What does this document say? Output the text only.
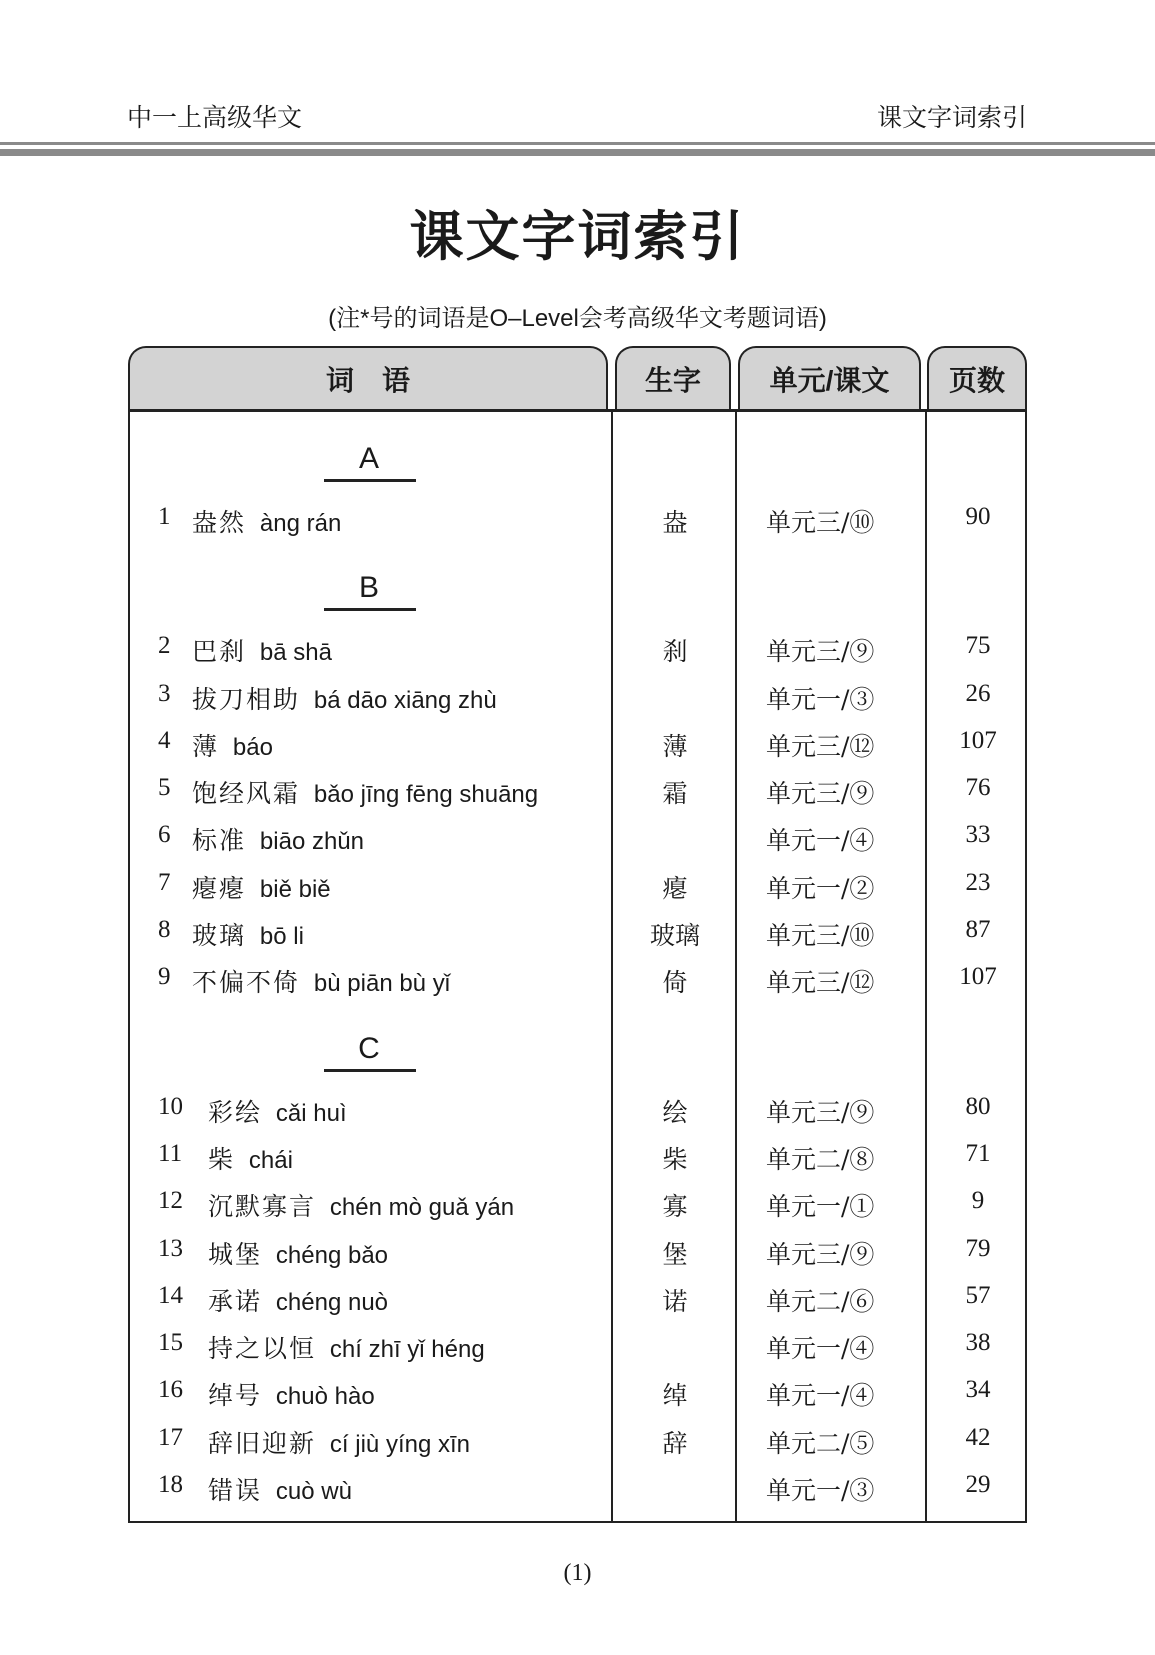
中一上高级华文	课文字词索引
课文字词索引
(注*号的词语是O–Level会考高级华文考题词语)
词　语	生字 单元/课文 页数
A
1 盎然 àng rán	盎	单元三/⑩	90
B
2 巴刹 bā shā	刹	单元三/⑨	75
3 拔刀相助 bá dāo xiāng zhù	单元一/③	26
4 薄 báo	薄	单元三/⑫	107
5 饱经风霜 bǎo jīng fēng shuāng	霜	单元三/⑨	76
6 标准 biāo zhǔn	单元一/④	33
7 瘪瘪 biě biě	瘪	单元一/②	23
8 玻璃 bō li	玻璃	单元三/⑩	87
9 不偏不倚 bù piān bù yǐ	倚	单元三/⑫	107
C
10 彩绘 cǎi huì	绘	单元三/⑨	80
11 柴 chái	柴	单元二/⑧	71
12 沉默寡言 chén mò guǎ yán	寡	单元一/①	9
13 城堡 chéng bǎo	堡	单元三/⑨	79
14 承诺 chéng nuò	诺	单元二/⑥	57
15 持之以恒 chí zhī yǐ héng	单元一/④	38
16 绰号 chuò hào	绰	单元一/④	34
17 辞旧迎新 cí jiù yíng xīn	辞	单元二/⑤	42
18 错误 cuò wù	单元一/③	29
(1)
